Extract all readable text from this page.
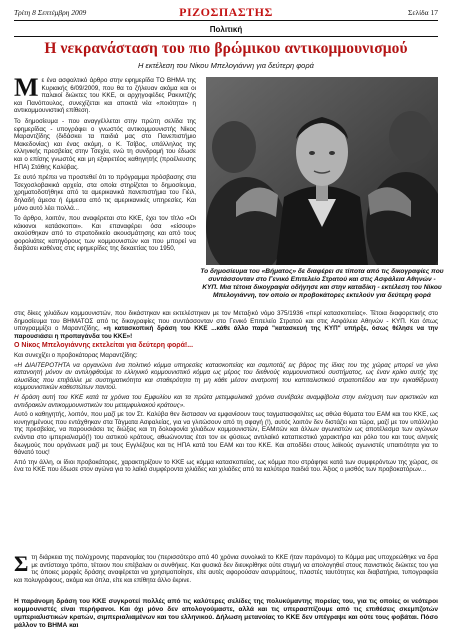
Τρίτη 8 Σεπτέμβρη 2009	ΡΙΖΟΣΠΑΣΤΗΣ	Σελίδα 17
Πολιτική
Η νεκρανάσταση του πιο βρώμικου αντικομμουνισμού
Η εκτέλεση του Νίκου Μπελογιάννη για δεύτερη φορά

Με ένα ασφαλτικό άρθρο στην εφημερίδα ΤΟ ΒΗΜΑ της Κυριακής 6/09/2009, που θα το ζήλευαν ακόμα και οι παλαιοί διώκτες του ΚΚΕ, οι αρχηγοφέδες Ρακινιτζής και Πανόπουλος, συνεχίζεται και αποκτά νέα «ποιότητα» η αντικομμουνιστική επίθεση.

Το δημοσίευμα - που αναγγέλλεται στην πρώτη σελίδα της εφημερίδας - υπογράφει ο γνωστός αντικομμουνιστής Νίκος Μαραντζίδης (διδάσκει τα παιδιά μας στο Πανεπιστήμιο Μακεδονίας) και ένας ακόμη, ο Κ. Τσίβος, υπάλληλος της ελληνικής πρεσβείας στην Τσεχία, ενώ τη συνδρομή του έδωσε και ο επίσης γνωστός και μη εξαιρετέος καθηγητής (προέλευσης ΗΠΑ) Στάθης Καλύβας.

Σε αυτό πρέπει να προστεθεί ότι το πρόγραμμα πρόσβασης στα Τσεχοσλοβακικά αρχεία, στα οποία στηρίζεται το δημοσίευμα, χρηματοδοτήθηκε από τα αμερικανικά πανεπιστήμια του Γιέιλ, δηλαδή άμεσα ή έμμεσα από τις αμερικανικές υπηρεσίες. Και μόνο αυτό λέει πολλά...

Το άρθρο, λοιπόν, που αναφέρεται στο ΚΚΕ, έχει τον τίτλο «Οι κάκκινοι κατάσκοποι». Και επαναφέρει όσα «είσουρ» ακούσθηκαν από το στρατοδικείο ακουσμάτησης και από τους φορολιάτες κατηγόρους των κομμουνιστών και που μπορεί να διαβάσει καθένας στις εφημερίδες της δεκαετίας του 1950,

Το δημοσίευμα του «Βήματος» δε διαφέρει σε τίποτα από τις δικογραφίες που συντάσσονταν στο Γενικό Επιτελείο Στρατού και στις Ασφάλεια Αθηνών - ΚΥΠ. Μια τέτοια δικογραφία οδήγησε και στην καταδίκη - εκτέλεση του Νίκου Μπελογιάννη, τον οποίο οι προβοκάτορες εκτελούν για δεύτερη φορά

στις δίκες χιλιάδων κομμουνιστών, που δικάστηκαν και εκτελέστηκαν με τον Μεταξικό νόμο 375/1936 «περί κατασκοπείας». Τέτοια διαφορετικής στο δημοσίευμα του ΒΗΜΑΤΟΣ από τις δικογραφίες που συντάσσονταν στο Γενικό Επιτελείο Στρατού και στις Ασφάλεια Αθηνών - ΚΥΠ. Και όπως υπογραμμίζει ο Μαραντζίδης, «η κατασκοπική δράση του ΚΚΕ ...κάθε άλλο παρά "κατασκευή της ΚΥΠ" υπήρξε, όσως θέλησε να την παρουσιάσει η προπαγάνδα του ΚΚΕ»!

Ο Νίκος Μπελογιάννης εκτελείται για δεύτερη φορά!...

Και συνεχίζει ο προβοκάτορας Μαραντζίδης:

«Η ΔΙΑΙΤΕΡΟΤΗΤΑ να οργανώνει ένα πολιτικό κόμμα υπηρεσίες κατασκοπείας και σαμποτάζ εις βάρος της ίδιας του της χώρας μπορεί να γίνει κατανοητή μόνον αν αντιληφθούμε το ελληνικό κομμουνιστικό κόμμα ως μέρος του διεθνούς κομμουνιστικού συστήματος, ως έναν κρίκο αυτής της αλυσίδας που επιβάλλε με συστηματικότητα και σταθερότητα τη μη κάθε μέσον ανατροπή του καπιταλιστικού στρατοπέδου και την εγκαθίδρυση κομμουνιστικών καθεστώτων παντού.

Η δράση αυτή του ΚΚΕ κατά τα χρόνια του Εμφυλίου και τα πρώτα μετεμφυλιακά χρόνια συνέβαλε αναμφίβολα στην ενίσχυση των αριστικών και αντιδρακών αντικομμουνιστικών του μετεμφυλιακού κράτους».

Αυτό ο καθηγητής, λοιπόν, που μαζί με τον Στ. Καλύβα θεν διστασαν να εμφανίσουν τους ταγματασφαλίτες ως αθώα θύματα του ΕΑΜ και του ΚΚΕ, ως κυνηγημένους που εντάχθηκαν στα Τάγματα Ασφαλείας, για να γλιτώσουν από τη σφαγή (!), αυτός λοιπόν δεν διστάζει και τώρα, μαζί με τον υπάλληλο της πρεσβείας, να παρουσιάσει τις διώξεις και τη δολοφονία χιλιάδων κομμουνιστών, ΕΑΜιτών και άλλων αγωνιστών ως αποτέλεσμα των αγώνων ενάντια στο ιμπεριαλισμό(!) του αστικού κράτους, αθωώνοντας έτσι τον εκ φύσεως αντιλαϊκό καταπιεστικό χαρακτήρα και ρόλο του και τους αληνείς διωγμούς που οργάνωσε μαζί με τους Εγγλέζους και τις ΗΠΑ κατά του ΕΑΜ και του ΚΚΕ. Και αποδίδει στους λαϊκούς αγωνιστές υπαιτιότητα για το θάνατό τους!

Από την άλλη, οι ίδιοι προβοκάτορες, χαρακτηρίζουν το ΚΚΕ ως κόμμα κατασκοπείας, ως κόμμα που στράφηκε κατά των συμφερόντων της χώρας, σε ένα το ΚΚΕ που έδωσε στον αγώνα για το λαϊκό συμφέροντα χιλιάδες και χιλιάδες από τα καλύτερα παιδιά του. Άξιος ο μισθός των προβοκατόρων...

Στη διάρκεια της πολύχρονης παρανομίας του (περισσότερο από 40 χρόνια συνολικά το ΚΚΕ ήταν παράνομο) το Κόμμα μας υποχρεώθηκε να δρα με αντίστοιχο τρόπο, τέτοιον που επέβαλαν οι συνθήκες. Και φυσικά δεν διευκρίθηκε ούτε στιγμή να απολογηθεί στους πανιστικός διώκτες του για τις όποιες μορφές δράσης αναφέρεται να χρησιμοποίησε, είτε αυτές αφορούσαν ασυρμάτους, πλαστές ταυτότητες και διαβατήρια, τυπογραφεία και πολυγράφους, ακόμα και όπλα, είτε και επίθητα άλλο έκρινε.

Η παράνομη δράση του ΚΚΕ συγκροτεί πολλές από τις καλύτερες σελίδες της πολυκύμαντης πορείας του, για τις οποίες οι νεότεροι κομμουνιστές είναι περήφανοι. Και όχι μόνο δεν απολογούμαστε, αλλά και τις υπερασπίζουμε από τις επιθέσεις σκεμπζοτών υμπεριαλιστικών κρατών, σιμπεριαλιαμένων και του ελληνικού. Δήλωση μετανοίας το ΚΚΕ δεν υπέγραψε και ούτε τους φοβάται. Πόσο μάλλον το ΒΗΜΑ και
